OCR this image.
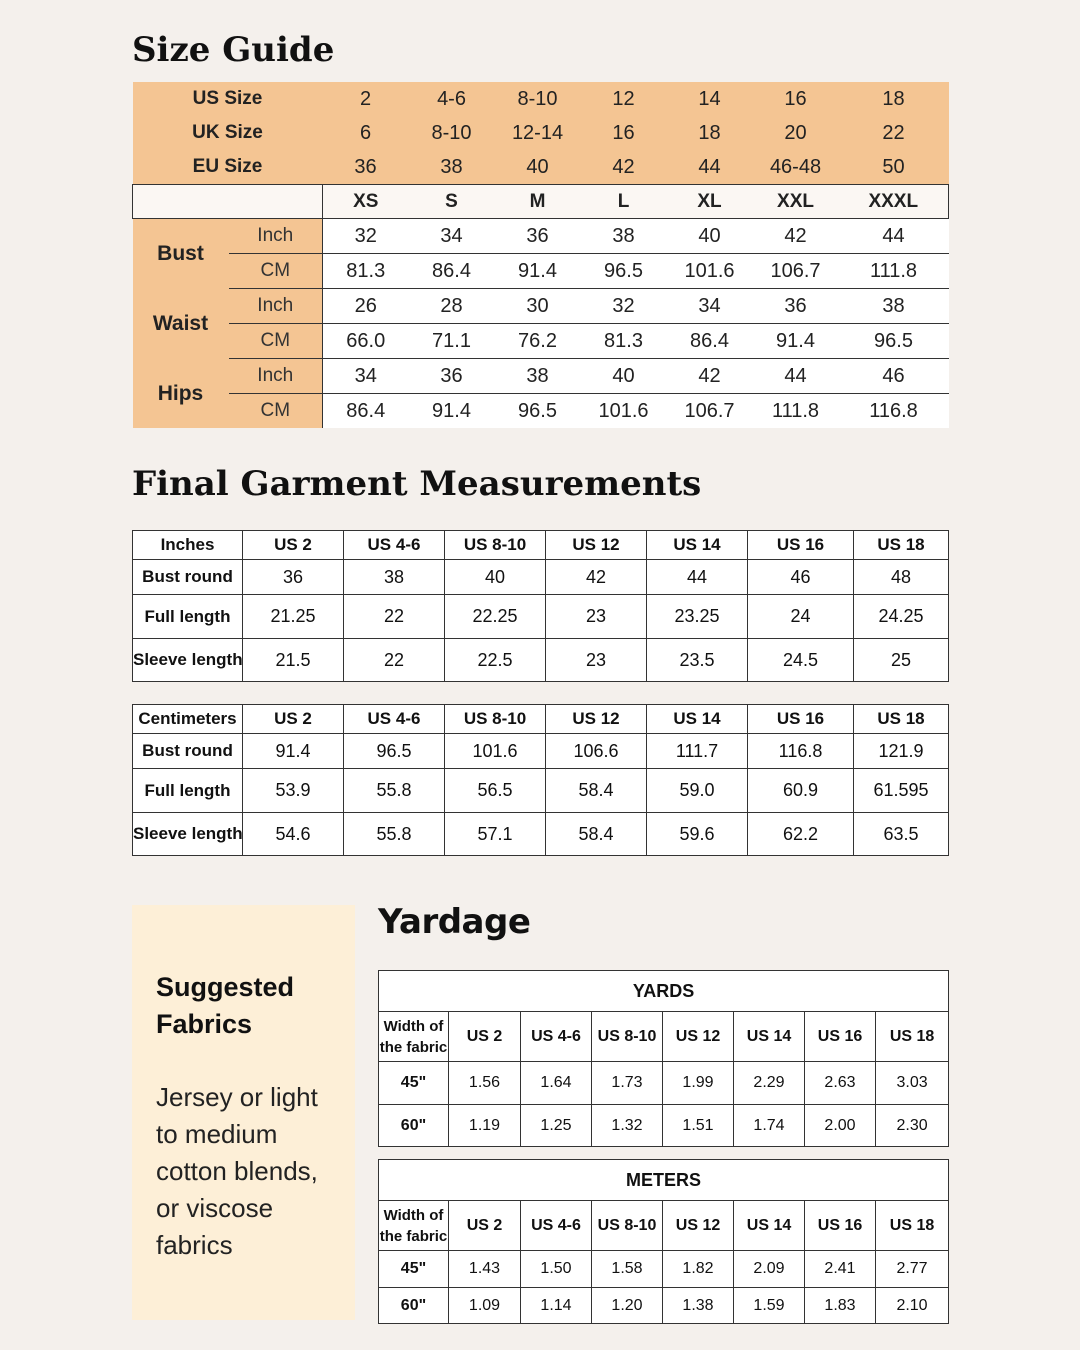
Size Guide
US Size		2	4-6	8-10	12	14	16	18
UK Size		6	8-10	12-14	16	18	20	22
EU Size		36	38	40	42	44	46-48	50
		XS	S	M	L	XL	XXL	XXXL
Bust	Inch	32	34	36	38	40	42	44
	CM	81.3	86.4	91.4	96.5	101.6	106.7	111.8
Waist	Inch	26	28	30	32	34	36	38
	CM	66.0	71.1	76.2	81.3	86.4	91.4	96.5
Hips	Inch	34	36	38	40	42	44	46
	CM	86.4	91.4	96.5	101.6	106.7	111.8	116.8
Final Garment Measurements
Inches	US 2	US 4-6	US 8-10	US 12	US 14	US 16	US 18
Bust round	36	38	40	42	44	46	48
Full length	21.25	22	22.25	23	23.25	24	24.25
Sleeve length	21.5	22	22.5	23	23.5	24.5	25
Centimeters	US 2	US 4-6	US 8-10	US 12	US 14	US 16	US 18
Bust round	91.4	96.5	101.6	106.6	111.7	116.8	121.9
Full length	53.9	55.8	56.5	58.4	59.0	60.9	61.595
Sleeve length	54.6	55.8	57.1	58.4	59.6	62.2	63.5

Suggested Fabrics

Jersey or light to medium cotton blends, or viscose fabrics

Yardage
YARDS							
Width of the fabric	US 2	US 4-6	US 8-10	US 12	US 14	US 16	US 18
45"	1.56	1.64	1.73	1.99	2.29	2.63	3.03
60"	1.19	1.25	1.32	1.51	1.74	2.00	2.30
METERS							
Width of the fabric	US 2	US 4-6	US 8-10	US 12	US 14	US 16	US 18
45"	1.43	1.50	1.58	1.82	2.09	2.41	2.77
60"	1.09	1.14	1.20	1.38	1.59	1.83	2.10
